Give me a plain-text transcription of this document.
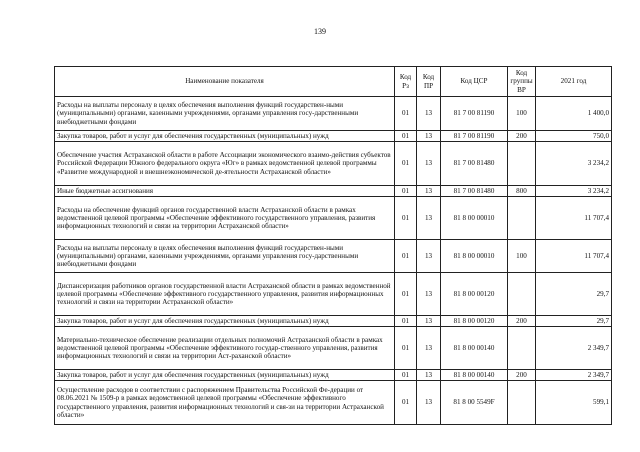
139
Наименование показателя	Код Рз	Код ПР	Код ЦСР	Код группы ВР	2021 год
Расходы на выплаты персоналу в целях обеспечения выполнения функций государствен-ными (муниципальными) органами, казенными учреждениями, органами управления госу-дарственными внебюджетными фондами	01	13	81 7 00 81190	100	1 400,0
Закупка товаров, работ и услуг для обеспечения государственных (муниципальных) нужд	01	13	81 7 00 81190	200	750,0
Обеспечение участия Астраханской области в работе Ассоциации экономического взаимо-действия субъектов Российской Федерации Южного федерального округа «Юг» в рамках ведомственной целевой программы «Развитие международной и внешнеэкономической де-ятельности Астраханской области»	01	13	81 7 00 81480		3 234,2
Иные бюджетные ассигнования	01	13	81 7 00 81480	800	3 234,2
Расходы на обеспечение функций органов государственной власти Астраханской области в рамках ведомственной целевой программы «Обеспечение эффективного государственного управления, развития информационных технологий и связи на территории Астраханской области»	01	13	81 8 00 00010		11 707,4
Расходы на выплаты персоналу в целях обеспечения выполнения функций государствен-ными (муниципальными) органами, казенными учреждениями, органами управления госу-дарственными внебюджетными фондами	01	13	81 8 00 00010	100	11 707,4
Диспансеризация работников органов государственной власти Астраханской области в рамках ведомственной целевой программы «Обеспечение эффективного государственного управления, развития информационных технологий и связи на территории Астраханской области»	01	13	81 8 00 00120		29,7
Закупка товаров, работ и услуг для обеспечения государственных (муниципальных) нужд	01	13	81 8 00 00120	200	29,7
Материально-техническое обеспечение реализации отдельных полномочий Астраханской области в рамках ведомственной целевой программы «Обеспечение эффективного государ-ственного управления, развития информационных технологий и связи на территории Аст-раханской области»	01	13	81 8 00 00140		2 349,7
Закупка товаров, работ и услуг для обеспечения государственных (муниципальных) нужд	01	13	81 8 00 00140	200	2 349,7
Осуществление расходов в соответствии с распоряжением Правительства Российской Фе-дерации от 08.06.2021 № 1509-р в рамках ведомственной целевой программы «Обеспечение эффективного государственного управления, развития информационных технологий и свя-зи на территории Астраханской области»	01	13	81 8 00 5549F		599,1
